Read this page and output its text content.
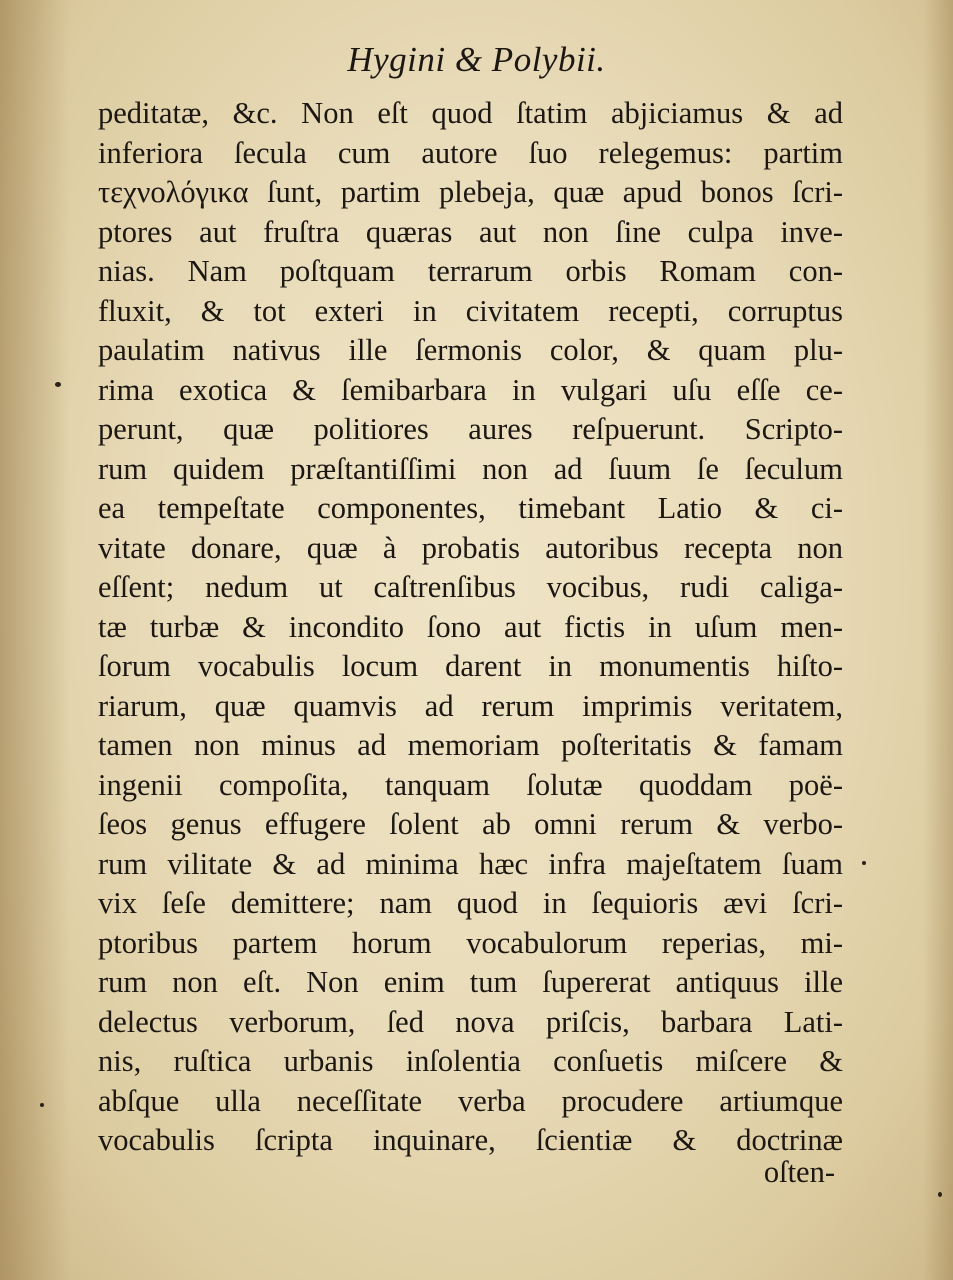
Hygini & Polybii.
peditatæ, &c. Non eſt quod ſtatim abjiciamus & ad
inferiora ſecula cum autore ſuo relegemus: partim
τεχνολόγικα ſunt, partim plebeja, quæ apud bonos ſcri-
ptores aut fruſtra quæras aut non ſine culpa inve-
nias. Nam poſtquam terrarum orbis Romam con-
fluxit, & tot exteri in civitatem recepti, corruptus
paulatim nativus ille ſermonis color, & quam plu-
rima exotica & ſemibarbara in vulgari uſu eſſe ce-
perunt, quæ politiores aures reſpuerunt. Scripto-
rum quidem præſtantiſſimi non ad ſuum ſe ſeculum
ea tempeſtate componentes, timebant Latio & ci-
vitate donare, quæ à probatis autoribus recepta non
eſſent; nedum ut caſtrenſibus vocibus, rudi caliga-
tæ turbæ & incondito ſono aut fictis in uſum men-
ſorum vocabulis locum darent in monumentis hiſto-
riarum, quæ quamvis ad rerum imprimis veritatem,
tamen non minus ad memoriam poſteritatis & famam
ingenii compoſita, tanquam ſolutæ quoddam poë-
ſeos genus effugere ſolent ab omni rerum & verbo-
rum vilitate & ad minima hæc infra majeſtatem ſuam
vix ſeſe demittere; nam quod in ſequioris ævi ſcri-
ptoribus partem horum vocabulorum reperias, mi-
rum non eſt. Non enim tum ſupererat antiquus ille
delectus verborum, ſed nova priſcis, barbara Lati-
nis, ruſtica urbanis inſolentia conſuetis miſcere &
abſque ulla neceſſitate verba procudere artiumque
vocabulis ſcripta inquinare, ſcientiæ & doctrinæ
oſten-
